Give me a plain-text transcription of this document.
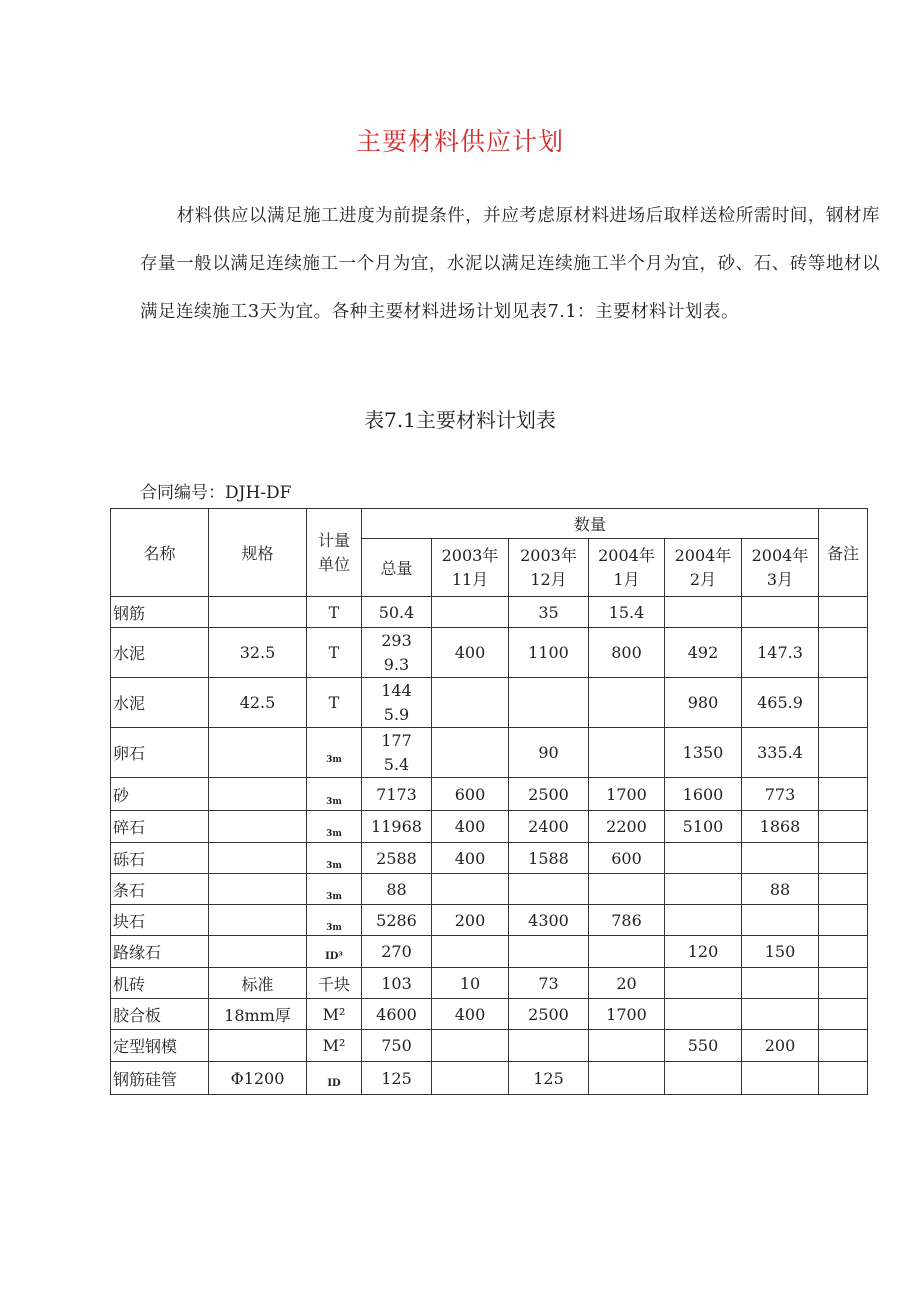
主要材料供应计划
材料供应以满足施工进度为前提条件，并应考虑原材料进场后取样送检所需时间，钢材库存量一般以满足连续施工一个月为宜，水泥以满足连续施工半个月为宜，砂、石、砖等地材以满足连续施工3天为宜。各种主要材料进场计划见表7.1：主要材料计划表。
表7.1主要材料计划表
合同编号：DJH-DF
名称	规格	计量单位	数量						备注
			总量	2003年11月	2003年12月	2004年1月	2004年2月	2004年3月	

钢筋		T	50.4		35	15.4			
水泥	32.5	T	2939.3	400	1100	800	492	147.3	
水泥	42.5	T	1445.9				980	465.9	
卵石		$_{3m}$	1775.4		90		1350	335.4	
砂		$_{3m}$	7173	600	2500	1700	1600	773	
碎石		$_{3m}$	11968	400	2400	2200	5100	1868	
砾石		$_{3m}$	2588	400	1588	600			
条石		$_{3m}$	88					88	
块石		$_{3m}$	5286	200	4300	786			
路缘石		ID³	270				120	150	
机砖	标准	千块	103	10	73	20			
胶合板	18mm厚	M²	4600	400	2500	1700			
定型钢模		M²	750				550	200	
钢筋硅管	Φ1200	ID	125		125				
